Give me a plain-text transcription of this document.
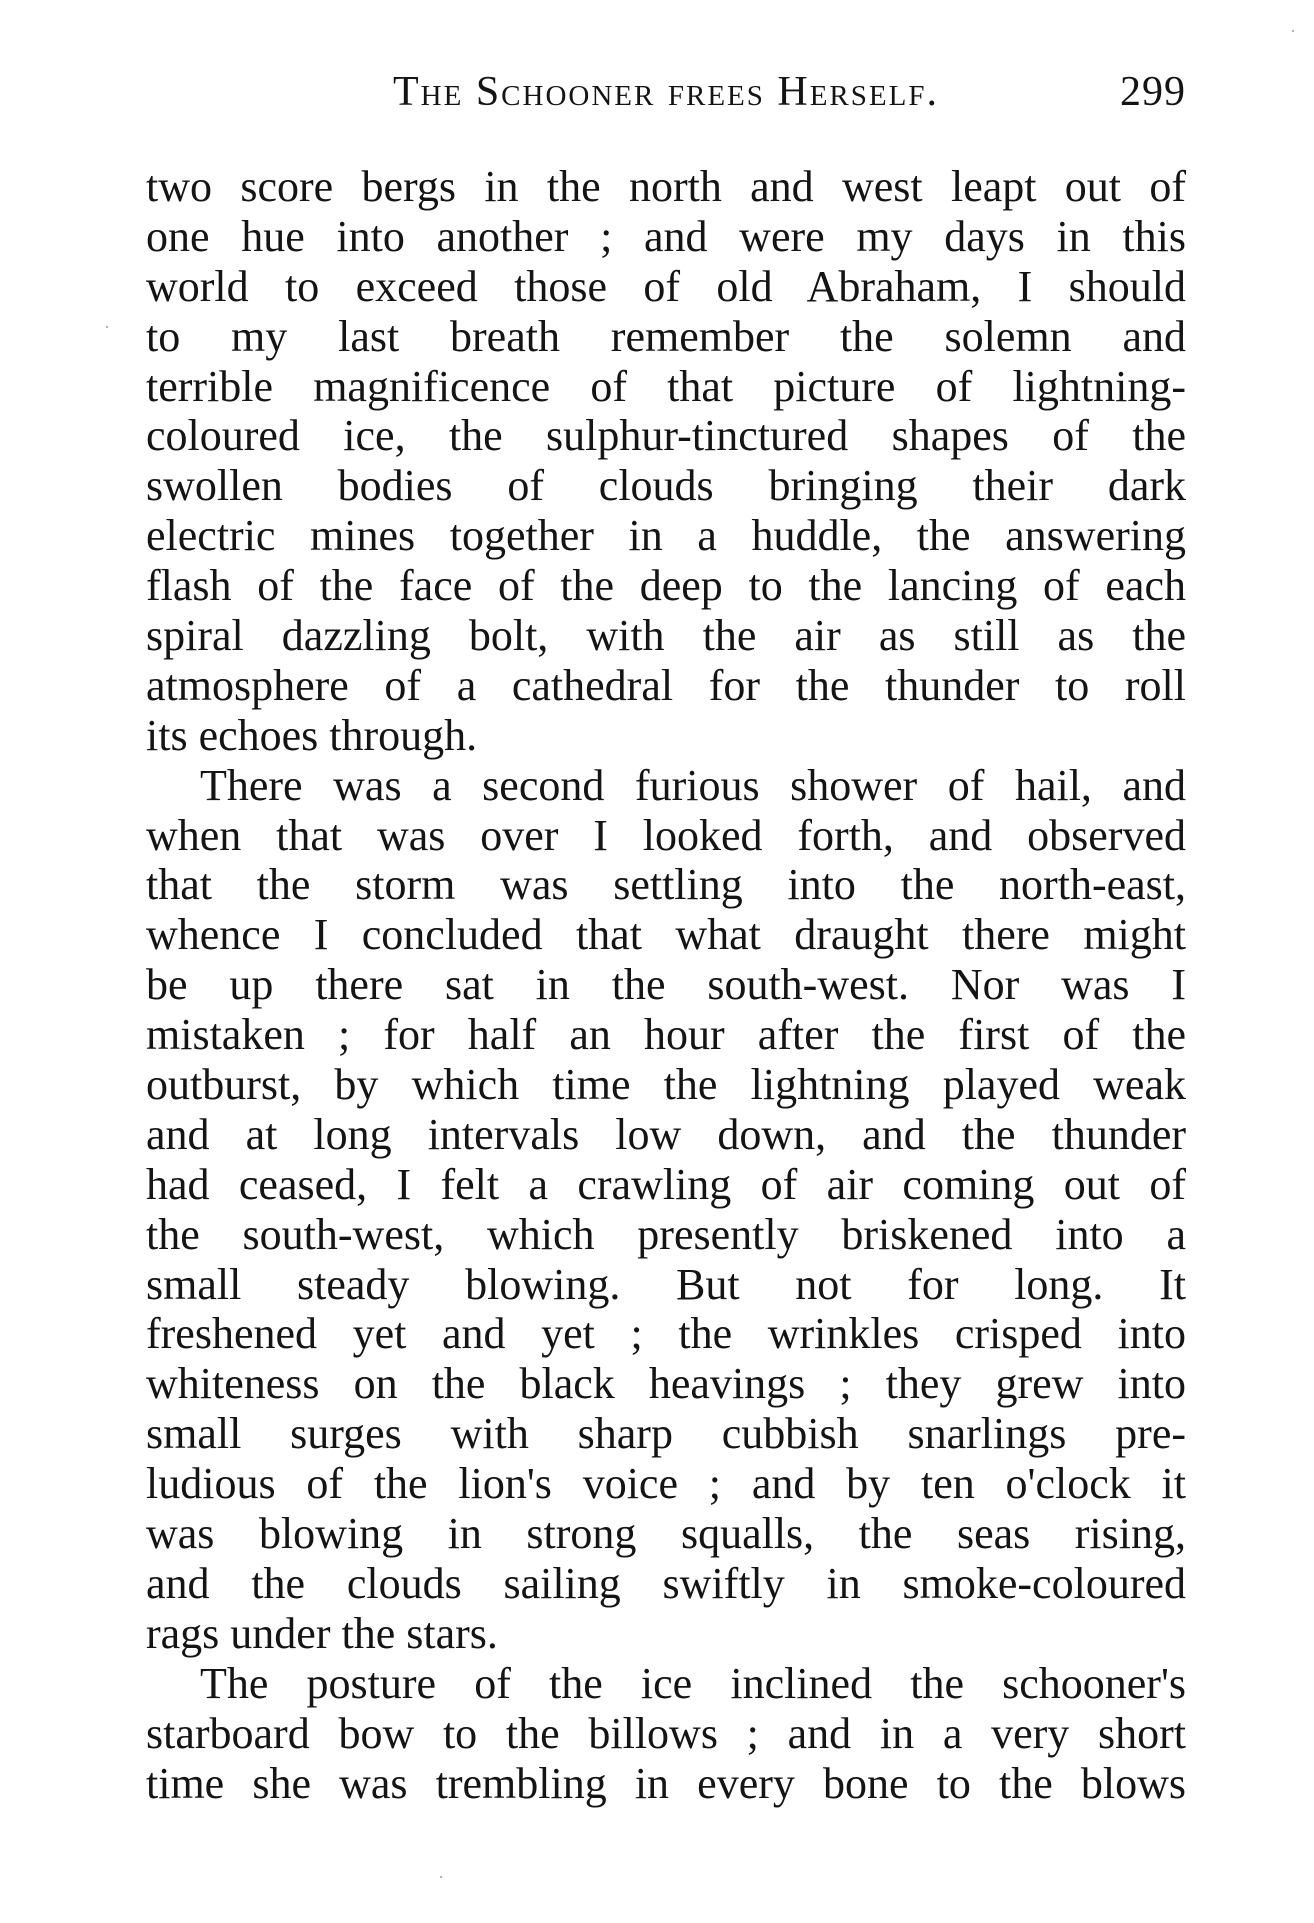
The Schooner frees Herself.	299
two score bergs in the north and west leapt out of
one hue into another ; and were my days in this
world to exceed those of old Abraham, I should
to my last breath remember the solemn and
terrible magnificence of that picture of lightning-
coloured ice, the sulphur-tinctured shapes of the
swollen bodies of clouds bringing their dark
electric mines together in a huddle, the answering
flash of the face of the deep to the lancing of each
spiral dazzling bolt, with the air as still as the
atmosphere of a cathedral for the thunder to roll
its echoes through.
There was a second furious shower of hail, and
when that was over I looked forth, and observed
that the storm was settling into the north-east,
whence I concluded that what draught there might
be up there sat in the south-west. Nor was I
mistaken ; for half an hour after the first of the
outburst, by which time the lightning played weak
and at long intervals low down, and the thunder
had ceased, I felt a crawling of air coming out of
the south-west, which presently briskened into a
small steady blowing. But not for long. It
freshened yet and yet ; the wrinkles crisped into
whiteness on the black heavings ; they grew into
small surges with sharp cubbish snarlings pre-
ludious of the lion's voice ; and by ten o'clock it
was blowing in strong squalls, the seas rising,
and the clouds sailing swiftly in smoke-coloured
rags under the stars.
The posture of the ice inclined the schooner's
starboard bow to the billows ; and in a very short
time she was trembling in every bone to the blows
